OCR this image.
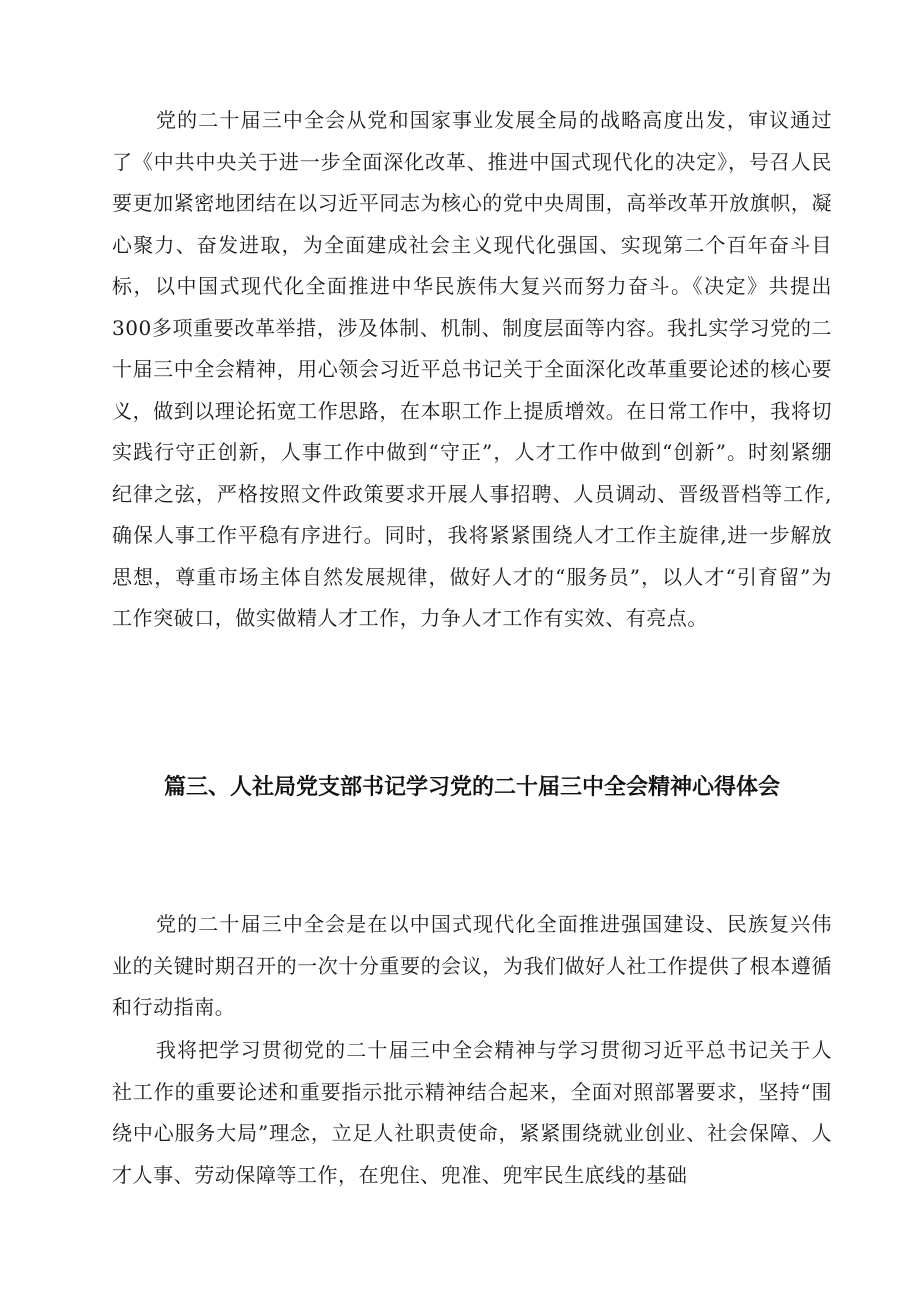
党的二十届三中全会从党和国家事业发展全局的战略高度出发，审议通过了《中共中央关于进一步全面深化改革、推进中国式现代化的决定》，号召人民要更加紧密地团结在以习近平同志为核心的党中央周围，高举改革开放旗帜，凝心聚力、奋发进取，为全面建成社会主义现代化强国、实现第二个百年奋斗目标，以中国式现代化全面推进中华民族伟大复兴而努力奋斗。《决定》共提出300多项重要改革举措，涉及体制、机制、制度层面等内容。我扎实学习党的二十届三中全会精神，用心领会习近平总书记关于全面深化改革重要论述的核心要义，做到以理论拓宽工作思路，在本职工作上提质增效。在日常工作中，我将切实践行守正创新，人事工作中做到“守正”，人才工作中做到“创新”。时刻紧绷纪律之弦，严格按照文件政策要求开展人事招聘、人员调动、晋级晋档等工作,确保人事工作平稳有序进行。同时，我将紧紧围绕人才工作主旋律,进一步解放思想，尊重市场主体自然发展规律，做好人才的“服务员”，以人才“引育留”为工作突破口，做实做精人才工作，力争人才工作有实效、有亮点。

篇三、人社局党支部书记学习党的二十届三中全会精神心得体会

党的二十届三中全会是在以中国式现代化全面推进强国建设、民族复兴伟业的关键时期召开的一次十分重要的会议，为我们做好人社工作提供了根本遵循和行动指南。

我将把学习贯彻党的二十届三中全会精神与学习贯彻习近平总书记关于人社工作的重要论述和重要指示批示精神结合起来，全面对照部署要求，坚持“围绕中心服务大局”理念，立足人社职责使命，紧紧围绕就业创业、社会保障、人才人事、劳动保障等工作，在兜住、兜准、兜牢民生底线的基础
